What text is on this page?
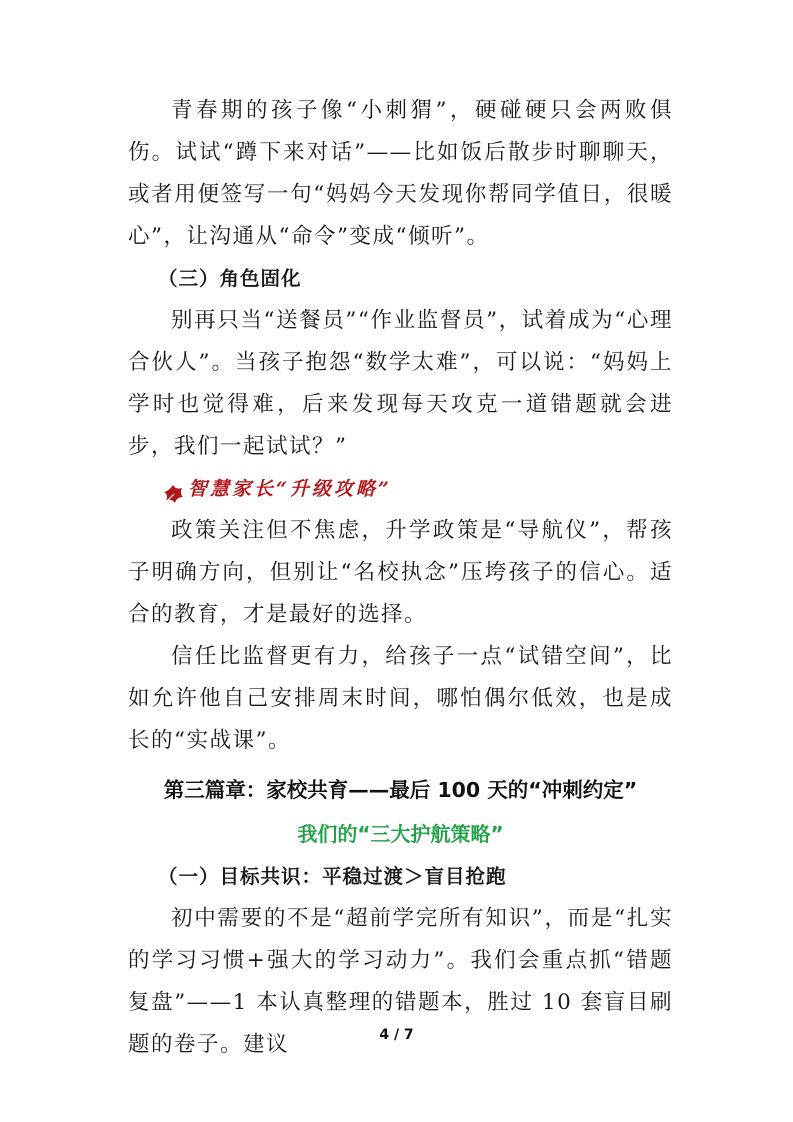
青春期的孩子像“小刺猬”，硬碰硬只会两败俱伤。试试“蹲下来对话”——比如饭后散步时聊聊天，或者用便签写一句“妈妈今天发现你帮同学值日，很暖心”，让沟通从“命令”变成“倾听”。

（三）角色固化

别再只当“送餐员”“作业监督员”，试着成为“心理合伙人”。当孩子抱怨“数学太难”，可以说：“妈妈上学时也觉得难，后来发现每天攻克一道错题就会进步，我们一起试试？”

智慧家长“升级攻略”

政策关注但不焦虑，升学政策是“导航仪”，帮孩子明确方向，但别让“名校执念”压垮孩子的信心。适合的教育，才是最好的选择。

信任比监督更有力，给孩子一点“试错空间”，比如允许他自己安排周末时间，哪怕偶尔低效，也是成长的“实战课”。

第三篇章：家校共育——最后 100 天的“冲刺约定”

我们的“三大护航策略”

（一）目标共识：平稳过渡＞盲目抢跑

初中需要的不是“超前学完所有知识”，而是“扎实的学习习惯+强大的学习动力”。我们会重点抓“错题复盘”——1 本认真整理的错题本，胜过 10 套盲目刷题的卷子。建议	4 / 7
